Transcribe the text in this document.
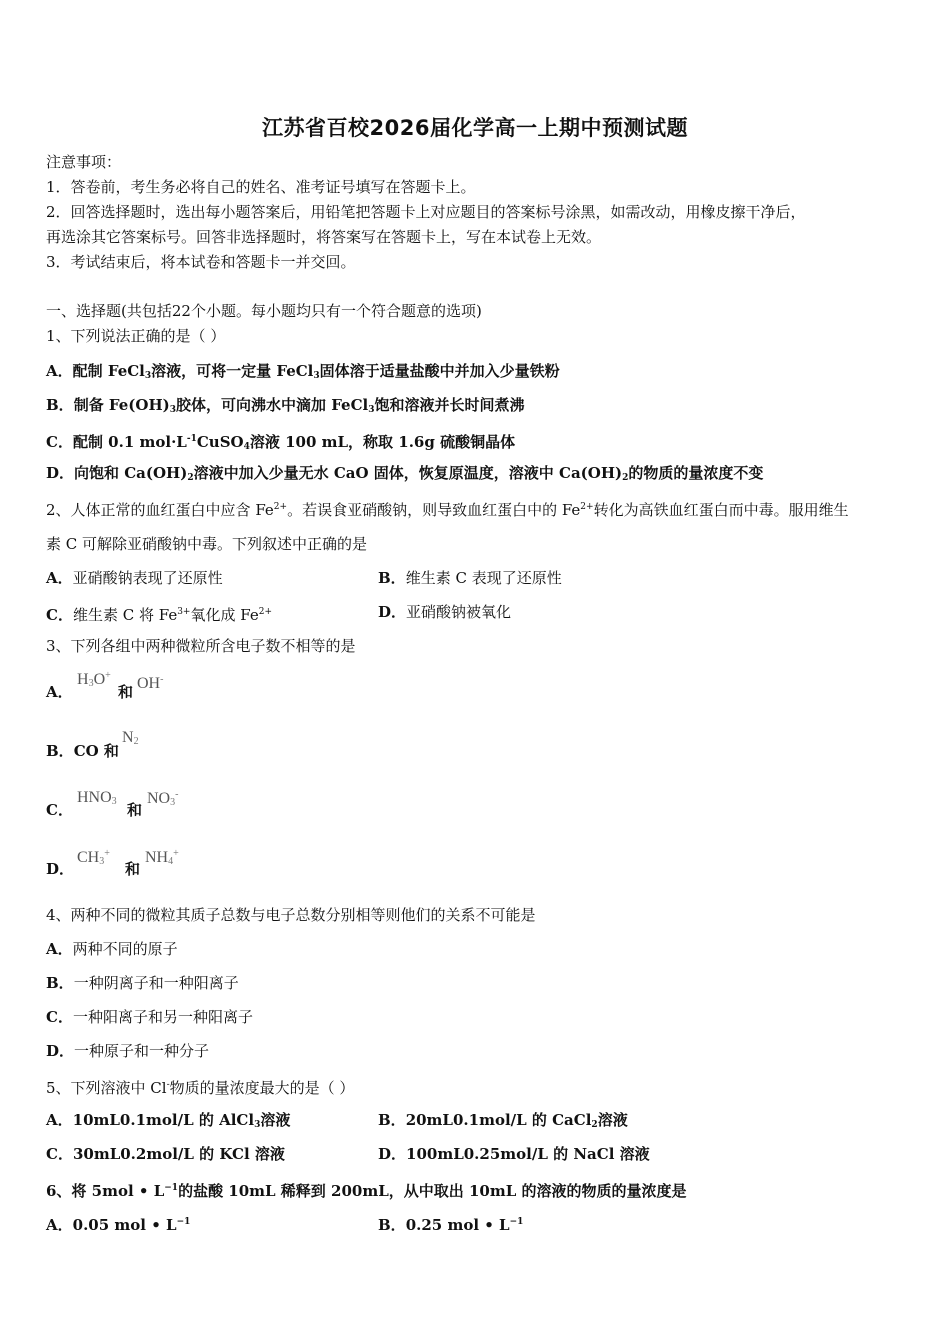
江苏省百校2026届化学高一上期中预测试题
注意事项：
1．答卷前，考生务必将自己的姓名、准考证号填写在答题卡上。
2．回答选择题时，选出每小题答案后，用铅笔把答题卡上对应题目的答案标号涂黑，如需改动，用橡皮擦干净后，
再选涂其它答案标号。回答非选择题时，将答案写在答题卡上，写在本试卷上无效。
3．考试结束后，将本试卷和答题卡一并交回。
一、选择题(共包括22个小题。每小题均只有一个符合题意的选项)
1、下列说法正确的是（ ）
A．配制 FeCl$_3$溶液，可将一定量 FeCl$_3$固体溶于适量盐酸中并加入少量铁粉
B．制备 $Fe(OH)_3$胶体，可向沸水中滴加 FeCl$_3$饱和溶液并长时间煮沸
C．配制 0.1 $mol\cdot L^{-1}CuSO_4$溶液 100 mL，称取 1.6g 硫酸铜晶体
D．向饱和 $Ca(OH)_2$溶液中加入少量无水 CaO 固体，恢复原温度，溶液中 $Ca(OH)_2$的物质的量浓度不变
2、人体正常的血红蛋白中应含 $Fe^{2+}$。若误食亚硝酸钠，则导致血红蛋白中的 $Fe^{2+}$转化为高铁血红蛋白而中毒。服用维生
素 C 可解除亚硝酸钠中毒。下列叙述中正确的是
A．亚硝酸钠表现了还原性	B．维生素 C 表现了还原性
C．维生素 C 将 $Fe^{3+}$氧化成 $Fe^{2+}$	D．亚硝酸钠被氧化
3、下列各组中两种微粒所含电子数不相等的是
A．
$H_3O^+$
和 OH-
B．CO 和
$N_2$
C．
$HNO_3$ 和
$NO_3^-$
D．
$CH_3^+$
和
$NH_4^+$
4、两种不同的微粒其质子总数与电子总数分别相等则他们的关系不可能是
A．两种不同的原子
B．一种阴离子和一种阳离子
C．一种阳离子和另一种阳离子
D．一种原子和一种分子
5、下列溶液中 Cl-物质的量浓度最大的是（ ）
A．10mL0.1mol/L 的 AlCl$_3$溶液	B．20mL0.1mol/L 的 CaCl$_2$溶液
C．30mL0.2mol/L 的 KCl 溶液	D．100mL0.25mol/L 的 NaCl 溶液
6、将 5mol • $L^{-1}$的盐酸 10mL 稀释到 200mL，从中取出 10mL 的溶液的物质的量浓度是
A．0.05 mol • $L^{-1}$	B．0.25 mol • $L^{-1}$
